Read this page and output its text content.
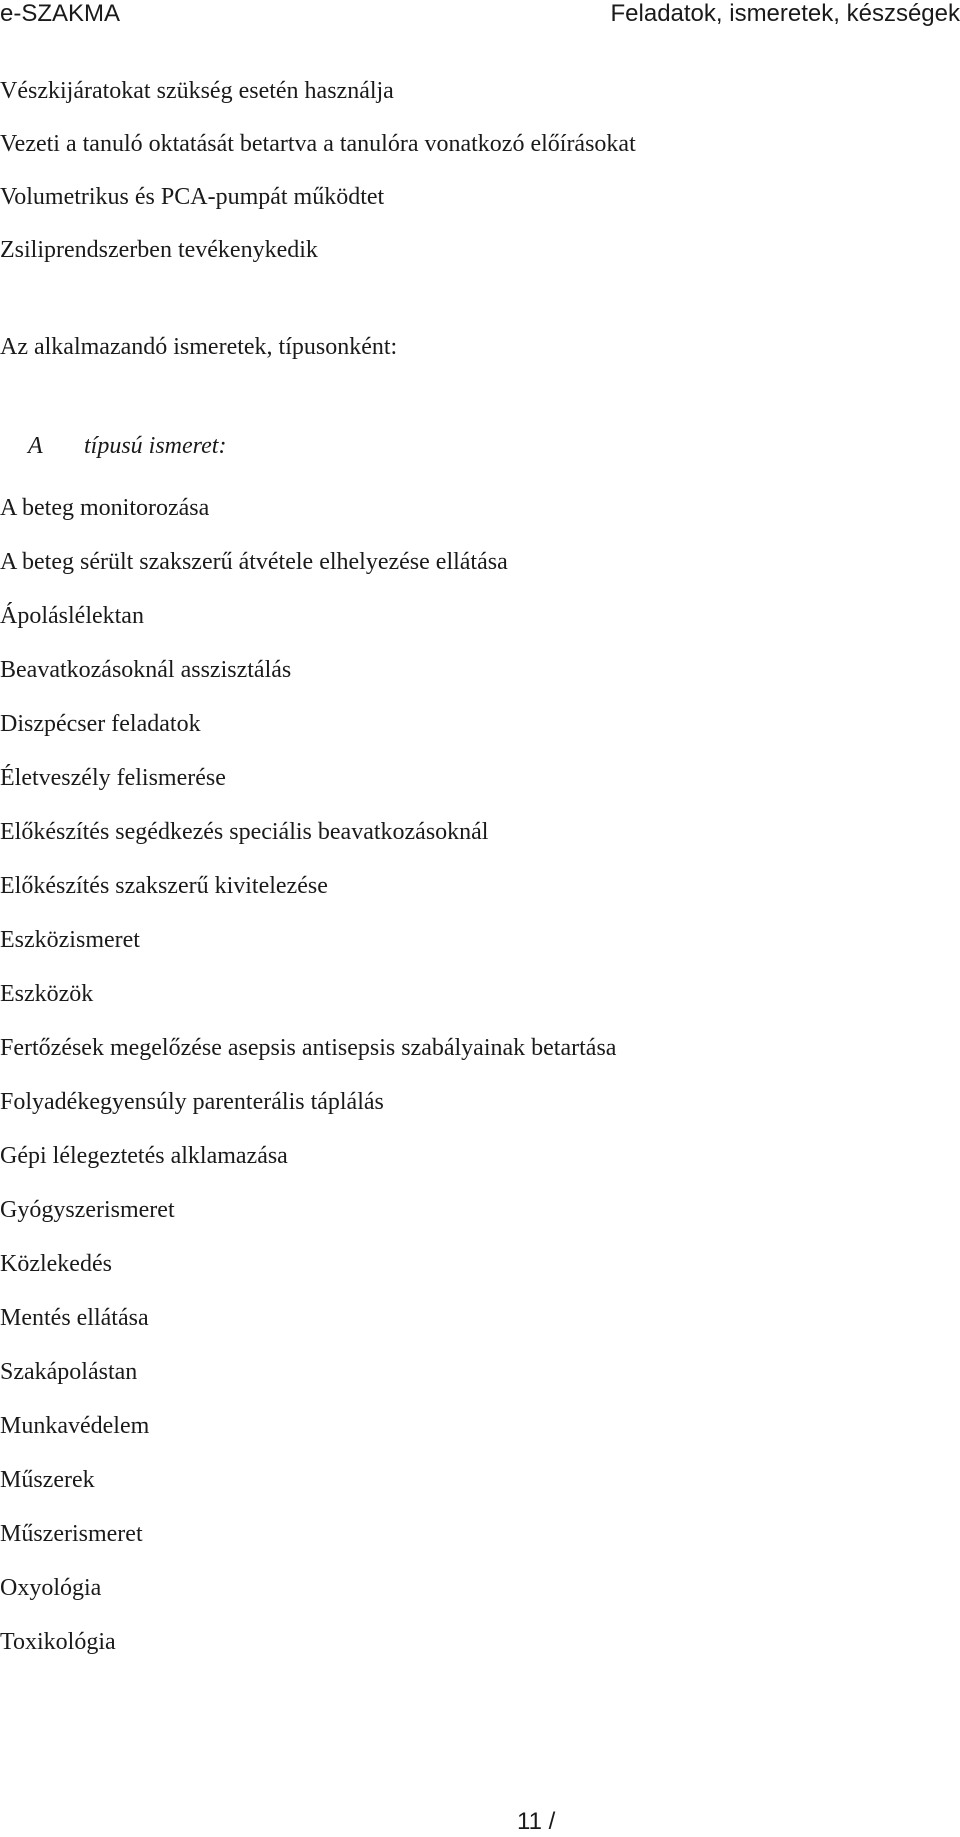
e-SZAKMA	Feladatok, ismeretek, készségek
Vészkijáratokat szükség esetén használja
Vezeti a tanuló oktatását betartva a tanulóra vonatkozó előírásokat
Volumetrikus és PCA-pumpát működtet
Zsiliprendszerben tevékenykedik
Az alkalmazandó ismeretek, típusonként:
A típusú ismeret:
A beteg monitorozása
A beteg sérült szakszerű átvétele elhelyezése ellátása
Ápoláslélektan
Beavatkozásoknál asszisztálás
Diszpécser feladatok
Életveszély felismerése
Előkészítés segédkezés speciális beavatkozásoknál
Előkészítés szakszerű kivitelezése
Eszközismeret
Eszközök
Fertőzések megelőzése asepsis antisepsis szabályainak betartása
Folyadékegyensúly parenterális táplálás
Gépi lélegeztetés alklamazása
Gyógyszerismeret
Közlekedés
Mentés ellátása
Szakápolástan
Munkavédelem
Műszerek
Műszerismeret
Oxyológia
Toxikológia
11 /
